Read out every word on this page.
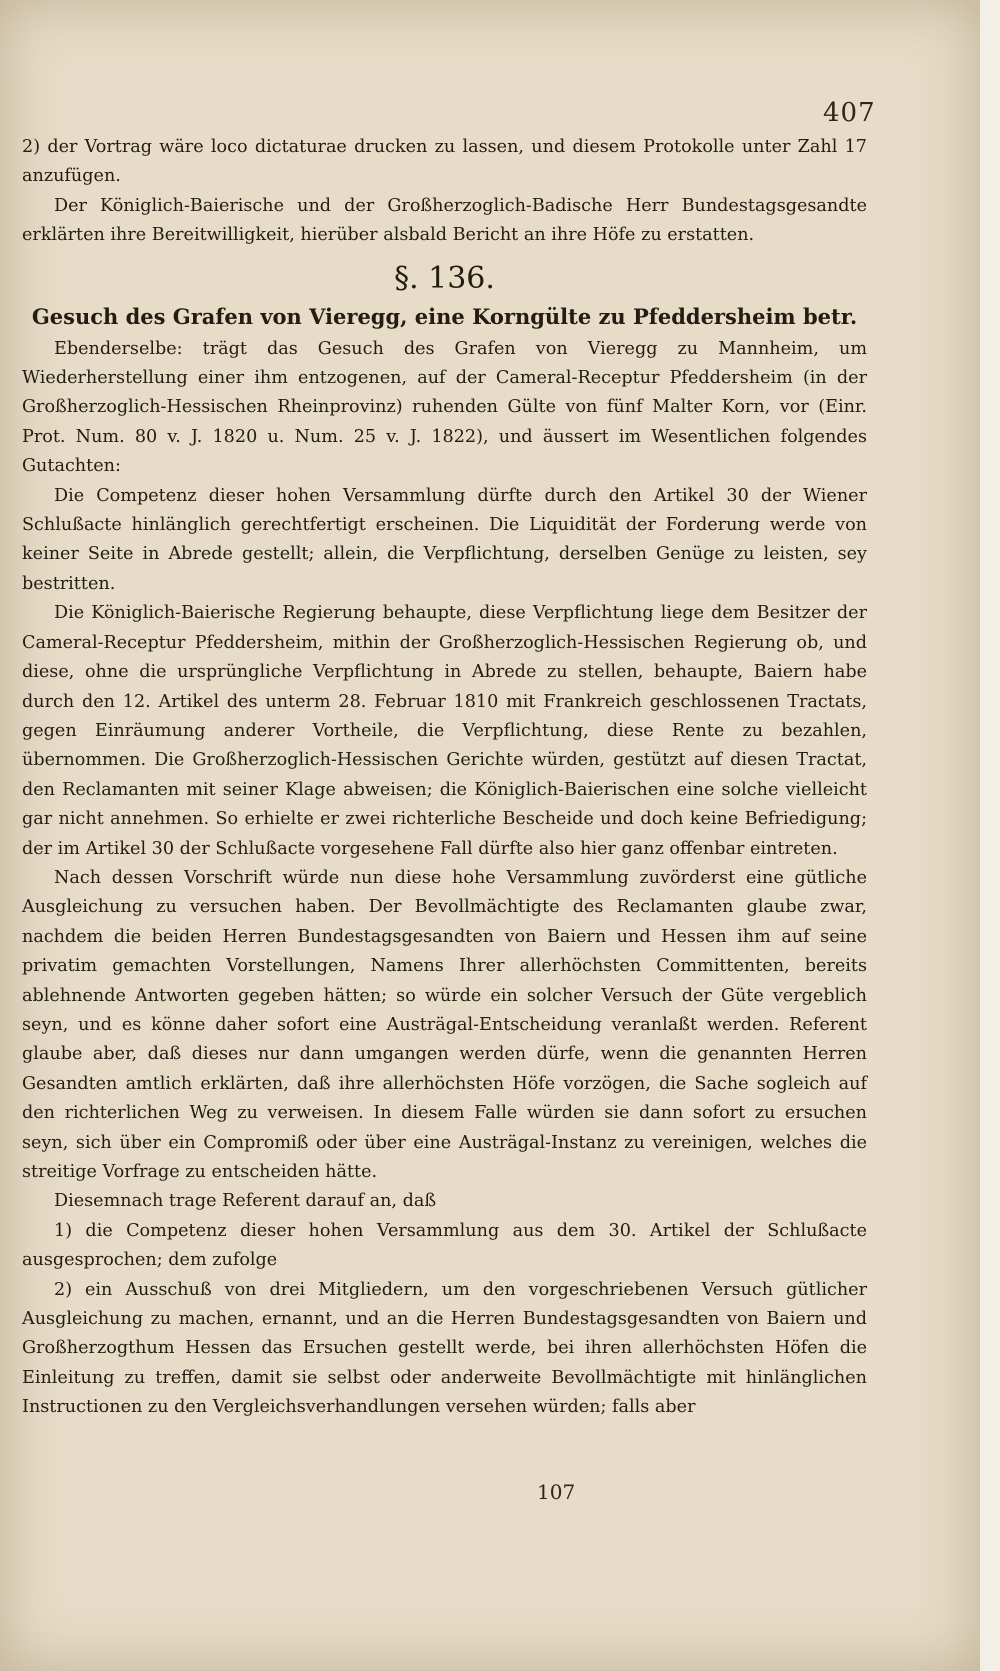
407

2) der Vortrag wäre loco dictaturae drucken zu lassen, und diesem Protokolle unter Zahl 17 anzufügen.

Der Königlich-Baierische und der Großherzoglich-Badische Herr Bundestagsgesandte erklärten ihre Bereitwilligkeit, hierüber alsbald Bericht an ihre Höfe zu erstatten.

§. 136.

Gesuch des Grafen von Vieregg, eine Korngülte zu Pfeddersheim betr.

Ebenderselbe: trägt das Gesuch des Grafen von Vieregg zu Mannheim, um Wiederherstellung einer ihm entzogenen, auf der Cameral-Receptur Pfeddersheim (in der Großherzoglich-Hessischen Rheinprovinz) ruhenden Gülte von fünf Malter Korn, vor (Einr. Prot. Num. 80 v. J. 1820 u. Num. 25 v. J. 1822), und äussert im Wesentlichen folgendes Gutachten:

Die Competenz dieser hohen Versammlung dürfte durch den Artikel 30 der Wiener Schlußacte hinlänglich gerechtfertigt erscheinen. Die Liquidität der Forderung werde von keiner Seite in Abrede gestellt; allein, die Verpflichtung, derselben Genüge zu leisten, sey bestritten.

Die Königlich-Baierische Regierung behaupte, diese Verpflichtung liege dem Besitzer der Cameral-Receptur Pfeddersheim, mithin der Großherzoglich-Hessischen Regierung ob, und diese, ohne die ursprüngliche Verpflichtung in Abrede zu stellen, behaupte, Baiern habe durch den 12. Artikel des unterm 28. Februar 1810 mit Frankreich geschlossenen Tractats, gegen Einräumung anderer Vortheile, die Verpflichtung, diese Rente zu bezahlen, übernommen. Die Großherzoglich-Hessischen Gerichte würden, gestützt auf diesen Tractat, den Reclamanten mit seiner Klage abweisen; die Königlich-Baierischen eine solche vielleicht gar nicht annehmen. So erhielte er zwei richterliche Bescheide und doch keine Befriedigung; der im Artikel 30 der Schlußacte vorgesehene Fall dürfte also hier ganz offenbar eintreten.

Nach dessen Vorschrift würde nun diese hohe Versammlung zuvörderst eine gütliche Ausgleichung zu versuchen haben. Der Bevollmächtigte des Reclamanten glaube zwar, nachdem die beiden Herren Bundestagsgesandten von Baiern und Hessen ihm auf seine privatim gemachten Vorstellungen, Namens Ihrer allerhöchsten Committenten, bereits ablehnende Antworten gegeben hätten; so würde ein solcher Versuch der Güte vergeblich seyn, und es könne daher sofort eine Austrägal-Entscheidung veranlaßt werden. Referent glaube aber, daß dieses nur dann umgangen werden dürfe, wenn die genannten Herren Gesandten amtlich erklärten, daß ihre allerhöchsten Höfe vorzögen, die Sache sogleich auf den richterlichen Weg zu verweisen. In diesem Falle würden sie dann sofort zu ersuchen seyn, sich über ein Compromiß oder über eine Austrägal-Instanz zu vereinigen, welches die streitige Vorfrage zu entscheiden hätte.

Diesemnach trage Referent darauf an, daß

1) die Competenz dieser hohen Versammlung aus dem 30. Artikel der Schlußacte ausgesprochen; dem zufolge

2) ein Ausschuß von drei Mitgliedern, um den vorgeschriebenen Versuch gütlicher Ausgleichung zu machen, ernannt, und an die Herren Bundestagsgesandten von Baiern und Großherzogthum Hessen das Ersuchen gestellt werde, bei ihren allerhöchsten Höfen die Einleitung zu treffen, damit sie selbst oder anderweite Bevollmächtigte mit hinlänglichen Instructionen zu den Vergleichsverhandlungen versehen würden; falls aber

107
